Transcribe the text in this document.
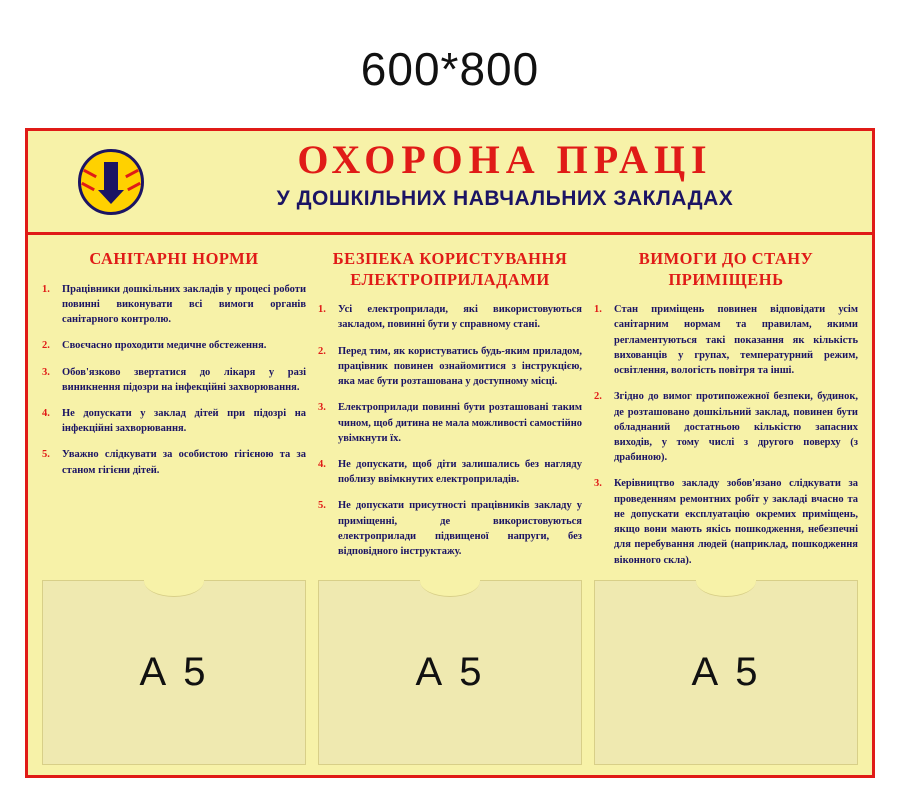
600*800
ОХОРОНА ПРАЦІ
У ДОШКІЛЬНИХ НАВЧАЛЬНИХ ЗАКЛАДАХ
САНІТАРНІ НОРМИ
1.	Працівники дошкільних закладів у процесі роботи повинні виконувати всі вимоги органів санітарного контролю.
2.	Своєчасно проходити медичне обстеження.
3.	Обов'язково звертатися до лікаря у разі виникнення підозри на інфекційні захворювання.
4.	Не допускати у заклад дітей при підозрі на інфекційні захворювання.
5.	Уважно слідкувати за особистою гігієною та за станом гігієни дітей.
БЕЗПЕКА КОРИСТУВАННЯ ЕЛЕКТРОПРИЛАДАМИ
1.	Усі електроприлади, які використовуються закладом, повинні бути у справному стані.
2.	Перед тим, як користуватись будь-яким приладом, працівник повинен ознайомитися з інструкцією, яка має бути розташована у доступному місці.
3.	Електроприлади повинні бути розташовані таким чином, щоб дитина не мала можливості самостійно увімкнути їх.
4.	Не допускати, щоб діти залишались без нагляду поблизу ввімкнутих електроприладів.
5.	Не допускати присутності працівників закладу у приміщенні, де використовуються електроприлади підвищеної напруги, без відповідного інструктажу.
ВИМОГИ ДО СТАНУ ПРИМІЩЕНЬ
1.	Стан приміщень повинен відповідати усім санітарним нормам та правилам, якими регламентуються такі показання як кількість вихованців у групах, температурний режим, освітлення, вологість повітря та інші.
2.	Згідно до вимог протипожежної безпеки, будинок, де розташовано дошкільний заклад, повинен бути обладнаний достатньою кількістю запасних виходів, у тому числі з другого поверху (з драбиною).
3.	Керівництво закладу зобов'язано слідкувати за проведенням ремонтних робіт у закладі вчасно та не допускати експлуатацію окремих приміщень, якщо вони мають якісь пошкодження, небезпечні для перебування людей (наприклад, пошкодження віконного скла).
А 5	А 5	А 5
